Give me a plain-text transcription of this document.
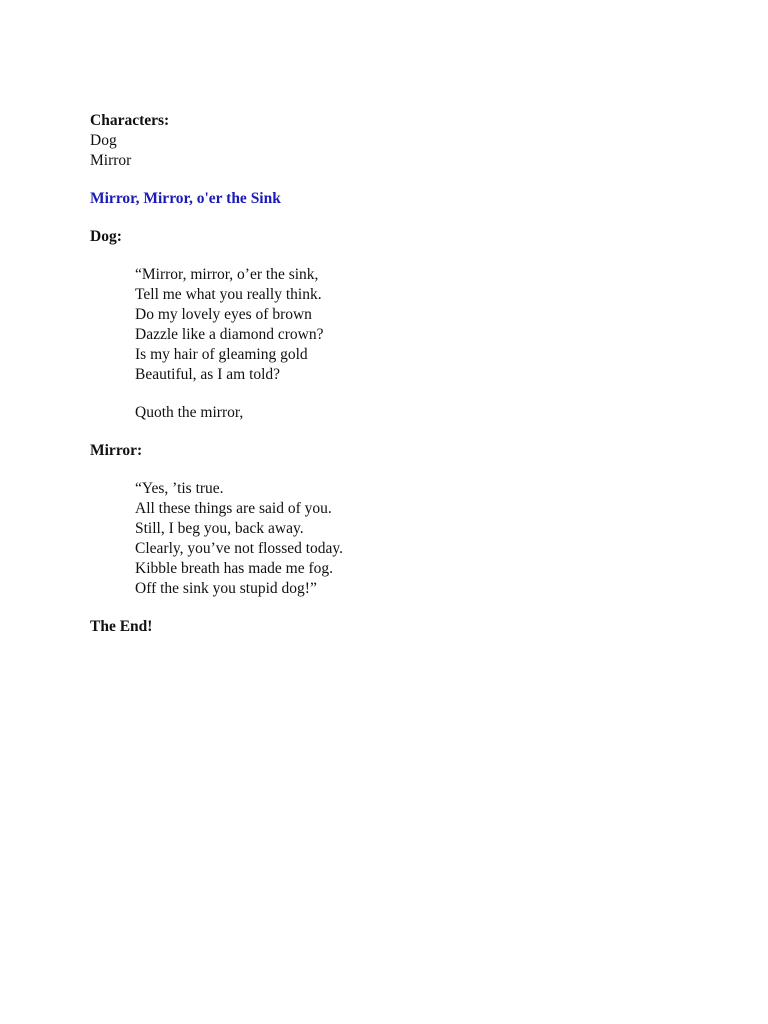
Characters:
Dog
Mirror
Mirror, Mirror, o'er the Sink
Dog:
“Mirror, mirror, o’er the sink,
Tell me what you really think.
Do my lovely eyes of brown
Dazzle like a diamond crown?
Is my hair of gleaming gold
Beautiful, as I am told?
Quoth the mirror,
Mirror:
“Yes, ’tis true.
All these things are said of you.
Still, I beg you, back away.
Clearly, you’ve not flossed today.
Kibble breath has made me fog.
Off the sink you stupid dog!”
The End!
